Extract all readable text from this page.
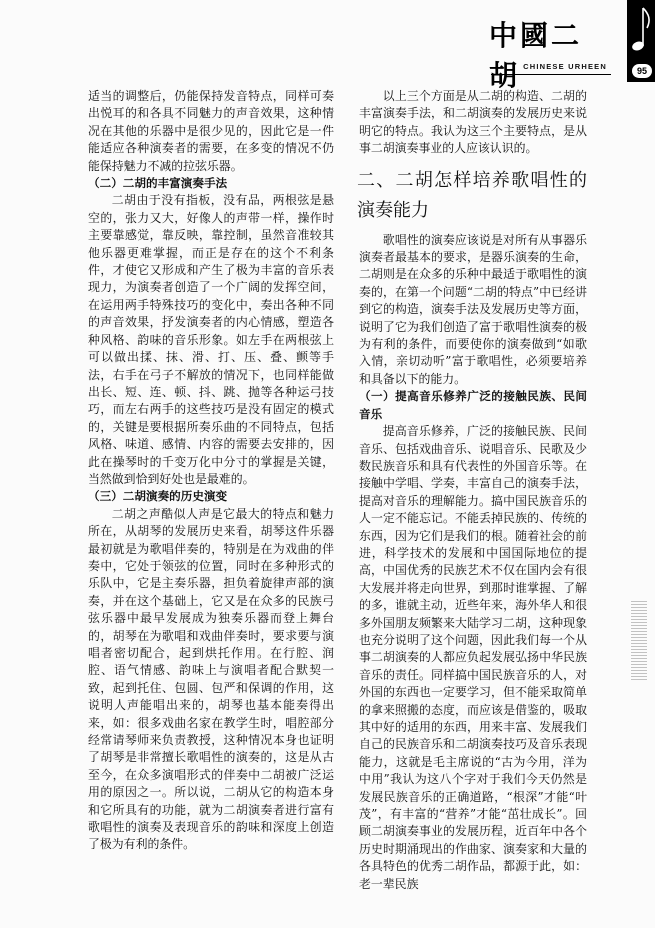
中國二胡 CHINESE URHEEN	95

适当的调整后，仍能保持发音特点，同样可奏出悦耳的和各具不同魅力的声音效果，这种情况在其他的乐器中是很少见的，因此它是一件能适应各种演奏者的需要，在多变的情况不仍能保持魅力不减的拉弦乐器。

（二）二胡的丰富演奏手法

二胡由于没有指板，没有品，两根弦是悬空的，张力又大，好像人的声带一样，操作时主要靠感觉，靠反映，靠控制，虽然音准较其他乐器更难掌握，而正是存在的这个不利条件，才使它又形成和产生了极为丰富的音乐表现力，为演奏者创造了一个广阔的发挥空间，在运用两手特殊技巧的变化中，奏出各种不同的声音效果，抒发演奏者的内心情感，塑造各种风格、韵味的音乐形象。如左手在两根弦上可以做出揉、抹、滑、打、压、叠、颤等手法，右手在弓子不解放的情况下，也同样能做出长、短、连、顿、抖、跳、抛等各种运弓技巧，而左右两手的这些技巧是没有固定的模式的，关键是要根据所奏乐曲的不同特点，包括风格、味道、感情、内容的需要去安排的，因此在操琴时的千变万化中分寸的掌握是关键，当然做到恰到好处也是最难的。

（三）二胡演奏的历史演变

二胡之声酷似人声是它最大的特点和魅力所在，从胡琴的发展历史来看，胡琴这件乐器最初就是为歌唱伴奏的，特别是在为戏曲的伴奏中，它处于领弦的位置，同时在多种形式的乐队中，它是主奏乐器，担负着旋律声部的演奏，并在这个基础上，它又是在众多的民族弓弦乐器中最早发展成为独奏乐器而登上舞台的，胡琴在为歌唱和戏曲伴奏时，要求要与演唱者密切配合，起到烘托作用。在行腔、润腔、语气情感、韵味上与演唱者配合默契一致，起到托住、包圆、包严和保调的作用，这说明人声能唱出来的，胡琴也基本能奏得出来，如：很多戏曲名家在教学生时，唱腔部分经常请琴师来负责教授，这种情况本身也证明了胡琴是非常擅长歌唱性的演奏的，这是从古至今，在众多演唱形式的伴奏中二胡被广泛运用的原因之一。所以说，二胡从它的构造本身和它所具有的功能，就为二胡演奏者进行富有歌唱性的演奏及表现音乐的韵味和深度上创造了极为有利的条件。

以上三个方面是从二胡的构造、二胡的丰富演奏手法，和二胡演奏的发展历史来说明它的特点。我认为这三个主要特点，是从事二胡演奏事业的人应该认识的。

二、二胡怎样培养歌唱性的演奏能力

歌唱性的演奏应该说是对所有从事器乐演奏者最基本的要求，是器乐演奏的生命，二胡则是在众多的乐种中最适于歌唱性的演奏的，在第一个问题“二胡的特点”中已经讲到它的构造，演奏手法及发展历史等方面，说明了它为我们创造了富于歌唱性演奏的极为有利的条件，而要使你的演奏做到“如歌入情，亲切动听”富于歌唱性，必须要培养和具备以下的能力。

（一）提高音乐修养广泛的接触民族、民间音乐

提高音乐修养，广泛的接触民族、民间音乐、包括戏曲音乐、说唱音乐、民歌及少数民族音乐和具有代表性的外国音乐等。在接触中学唱、学奏，丰富自己的演奏手法，提高对音乐的理解能力。搞中国民族音乐的人一定不能忘记。不能丢掉民族的、传统的东西，因为它们是我们的根。随着社会的前进，科学技术的发展和中国国际地位的提高，中国优秀的民族艺术不仅在国内会有很大发展并将走向世界，到那时谁掌握、了解的多，谁就主动，近些年来，海外华人和很多外国朋友频繁来大陆学习二胡，这种现象也充分说明了这个问题，因此我们每一个从事二胡演奏的人都应负起发展弘扬中华民族音乐的责任。同样搞中国民族音乐的人，对外国的东西也一定要学习，但不能采取简单的拿来照搬的态度，而应该是借鉴的，吸取其中好的适用的东西，用来丰富、发展我们自己的民族音乐和二胡演奏技巧及音乐表现能力，这就是毛主席说的“古为今用，洋为中用”我认为这八个字对于我们今天仍然是发展民族音乐的正确道路，“根深”才能“叶茂”，有丰富的“营养”才能“茁壮成长”。回顾二胡演奏事业的发展历程，近百年中各个历史时期涌现出的作曲家、演奏家和大量的各具特色的优秀二胡作品，都源于此，如：老一辈民族
